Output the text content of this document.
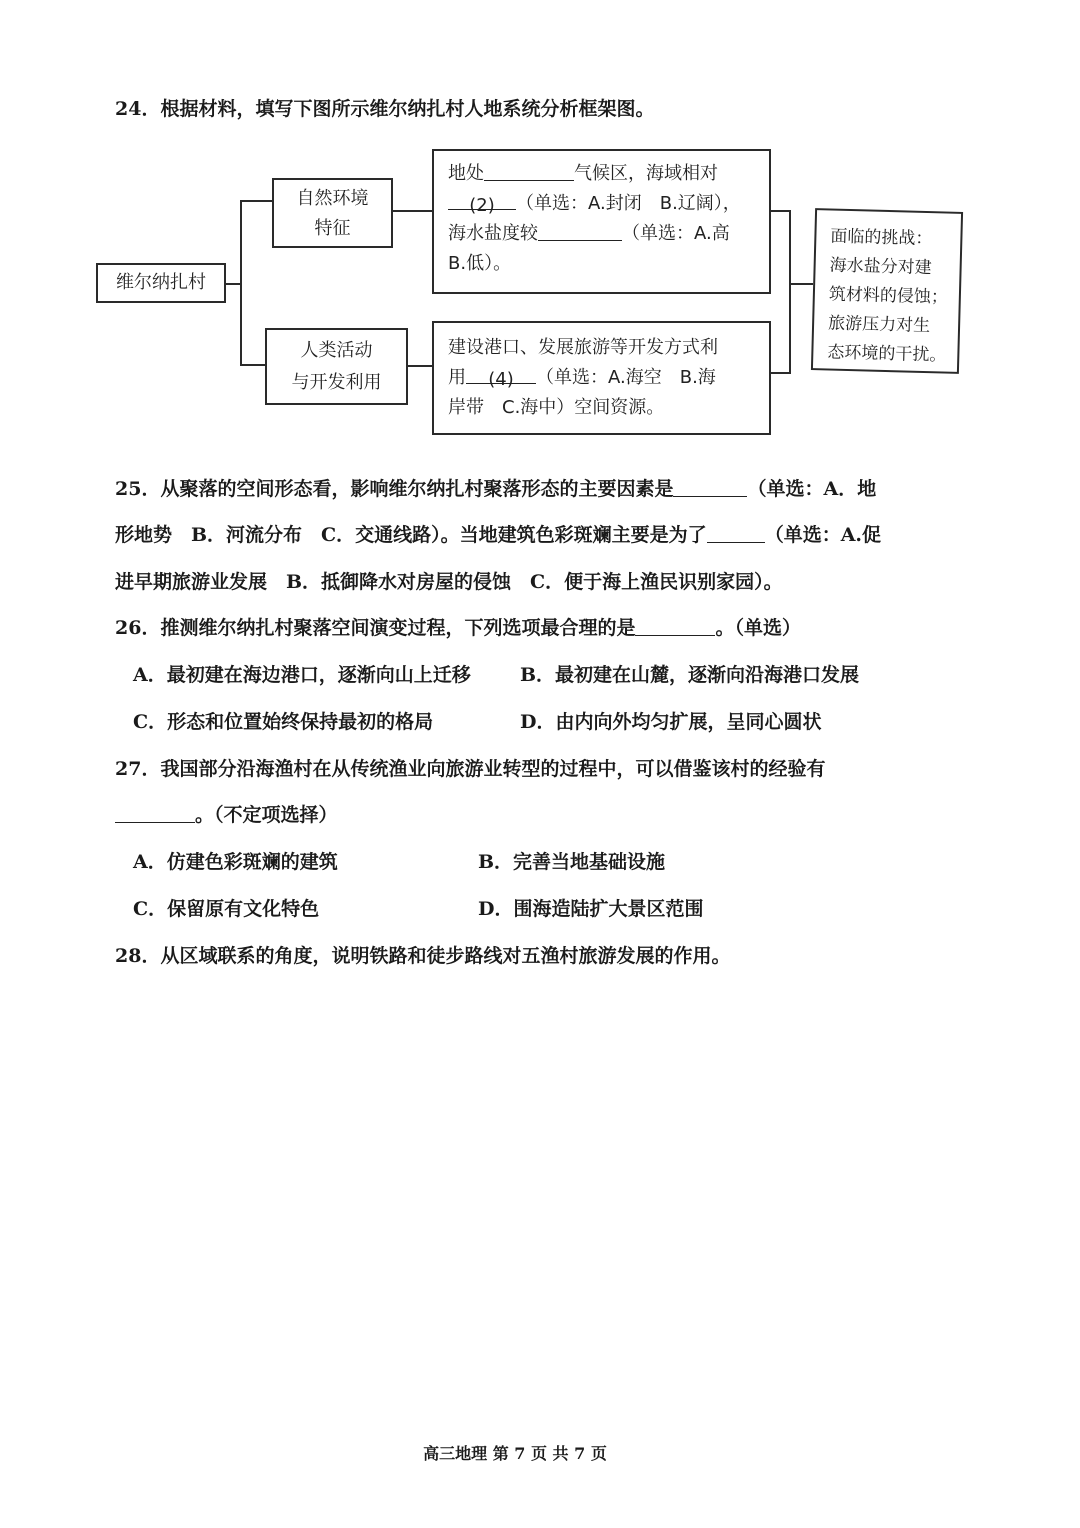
24．根据材料，填写下图所示维尔纳扎村人地系统分析框架图。
维尔纳扎村
自然环境
特征
人类活动
与开发利用
地处	气候区，海域相对
(2) （单选：A.封闭　B.辽阔），
海水盐度较	（单选：A.高
B.低）。
建设港口、发展旅游等开发方式利
用 (4) （单选：A.海空　B.海
岸带　C.海中）空间资源。
面临的挑战：
海水盐分对建
筑材料的侵蚀；
旅游压力对生
态环境的干扰。
25．从聚落的空间形态看，影响维尔纳扎村聚落形态的主要因素是	（单选：A．地
形地势　B．河流分布　C．交通线路）。当地建筑色彩斑斓主要是为了	（单选：A.促
进早期旅游业发展　B．抵御降水对房屋的侵蚀　C．便于海上渔民识别家园）。
26．推测维尔纳扎村聚落空间演变过程，下列选项最合理的是	。（单选）
A．最初建在海边港口，逐渐向山上迁移	B．最初建在山麓，逐渐向沿海港口发展
C．形态和位置始终保持最初的格局	D．由内向外均匀扩展，呈同心圆状
27．我国部分沿海渔村在从传统渔业向旅游业转型的过程中，可以借鉴该村的经验有
。（不定项选择）
A．仿建色彩斑斓的建筑	B．完善当地基础设施
C．保留原有文化特色	D．围海造陆扩大景区范围
28．从区域联系的角度，说明铁路和徒步路线对五渔村旅游发展的作用。
高三地理 第 7 页 共 7 页
